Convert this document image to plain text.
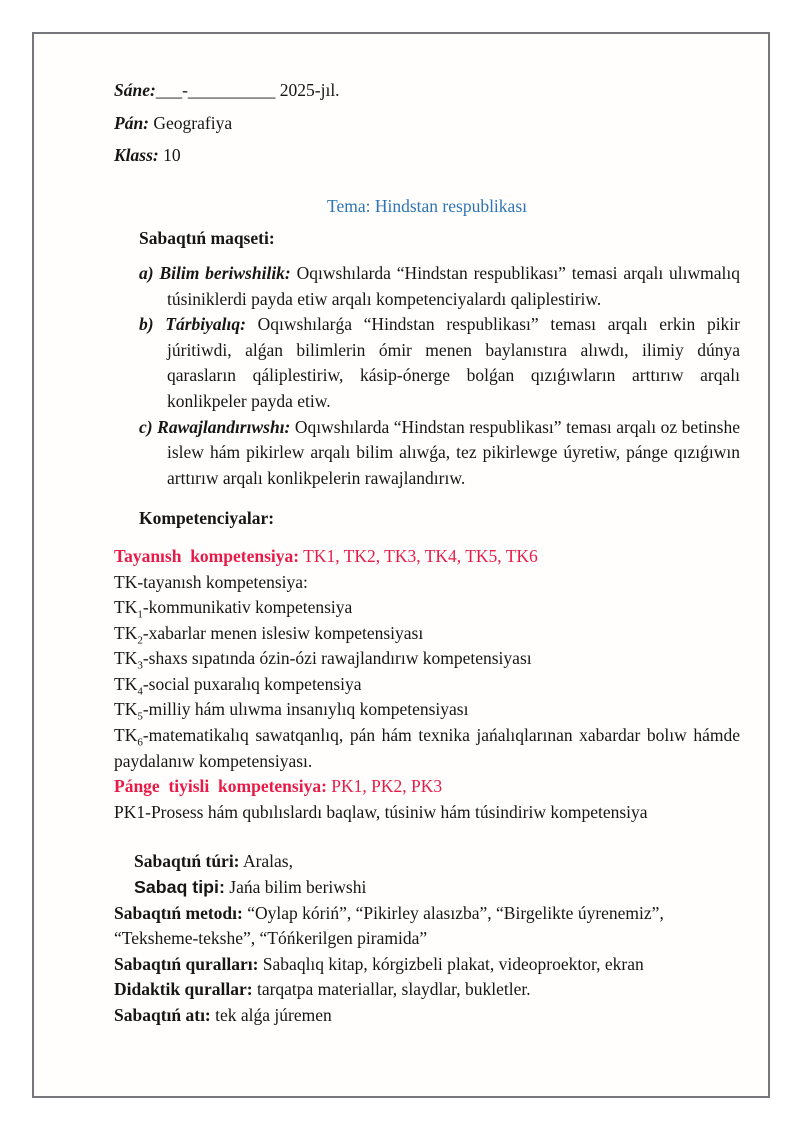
Sáne:___-__________ 2025-jıl.

Pán: Geografiya

Klass: 10

Tema: Hindstan respublikası

Sabaqtıń maqseti:

a) Bilim beriwshilik: Oqıwshılarda “Hindstan respublikası” temasi arqalı ulıwmalıq túsiniklerdi payda etiw arqalı kompetenciyalardı qaliplestiriw.

b) Tárbiyalıq: Oqıwshılarǵa “Hindstan respublikası” teması arqalı erkin pikir júritiwdi, alǵan bilimlerin ómir menen baylanıstıra alıwdı, ilimiy dúnya qarasların qáliplestiriw, kásip-ónerge bolǵan qızıǵıwların arttırıw arqalı konlikpeler payda etiw.

c) Rawajlandırıwshı: Oqıwshılarda “Hindstan respublikası” teması arqalı oz betinshe islew hám pikirlew arqalı bilim alıwǵa, tez pikirlewge úyretiw, pánge qızıǵıwın arttırıw arqalı konlikpelerin rawajlandırıw.

Kompetenciyalar:

Tayanısh  kompetensiya: TK1, TK2, TK3, TK4, TK5, TK6

TK-tayanısh kompetensiya:

$TK_1$-kommunikativ kompetensiya

$TK_2$-xabarlar menen islesiw kompetensiyası

$TK_3$-shaxs sıpatında ózin-ózi rawajlandırıw kompetensiyası

$TK_4$-social puxaralıq kompetensiya

$TK_5$-milliy hám ulıwma insanıylıq kompetensiyası

$TK_6$-matematikalıq sawatqanlıq, pán hám texnika jańalıqlarınan xabardar bolıw hámde paydalanıw kompetensiyası.

Pánge  tiyisli  kompetensiya: PK1, PK2, PK3

PK1-Prosess hám qubılıslardı baqlaw, túsiniw hám túsindiriw kompetensiya

Sabaqtıń túri: Aralas,

Sabaq tipi: Jańa bilim beriwshi

Sabaqtıń metodı: “Oylap kóriń”, “Pikirley alasızba”, “Birgelikte úyrenemiz”, “Teksheme-tekshe”, “Tóńkerilgen piramida”

Sabaqtıń quralları: Sabaqlıq kitap, kórgizbeli plakat, videoproektor, ekran

Didaktik qurallar: tarqatpa materiallar, slaydlar, bukletler.

Sabaqtıń atı: tek alǵa júremen
